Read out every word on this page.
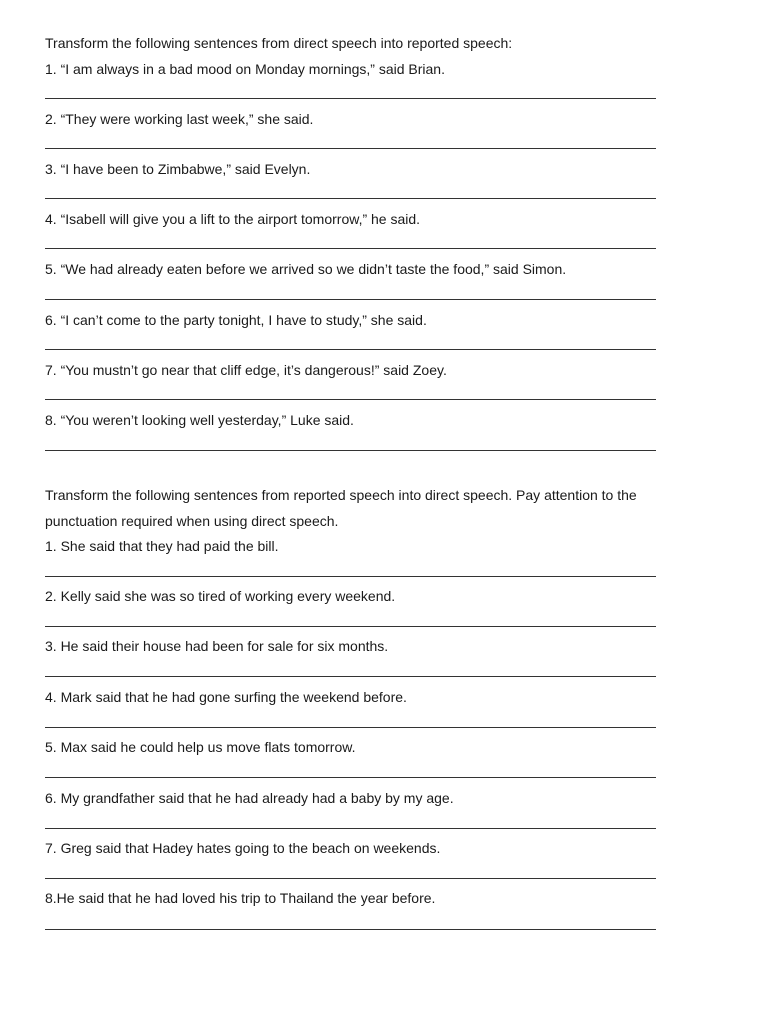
Transform the following sentences from direct speech into reported speech:
1. “I am always in a bad mood on Monday mornings,” said Brian.
2. “They were working last week,” she said.
3. “I have been to Zimbabwe,” said Evelyn.
4. “Isabell will give you a lift to the airport tomorrow,” he said.
5. “We had already eaten before we arrived so we didn’t taste the food,” said Simon.
6. “I can’t come to the party tonight, I have to study,” she said.
7. “You mustn’t go near that cliff edge, it’s dangerous!” said Zoey.
8. “You weren’t looking well yesterday,” Luke said.
Transform the following sentences from reported speech into direct speech. Pay attention to the
punctuation required when using direct speech.
1. She said that they had paid the bill.
2. Kelly said she was so tired of working every weekend.
3. He said their house had been for sale for six months.
4. Mark said that he had gone surfing the weekend before.
5. Max said he could help us move flats tomorrow.
6. My grandfather said that he had already had a baby by my age.
7. Greg said that Hadey hates going to the beach on weekends.
8.He said that he had loved his trip to Thailand the year before.
